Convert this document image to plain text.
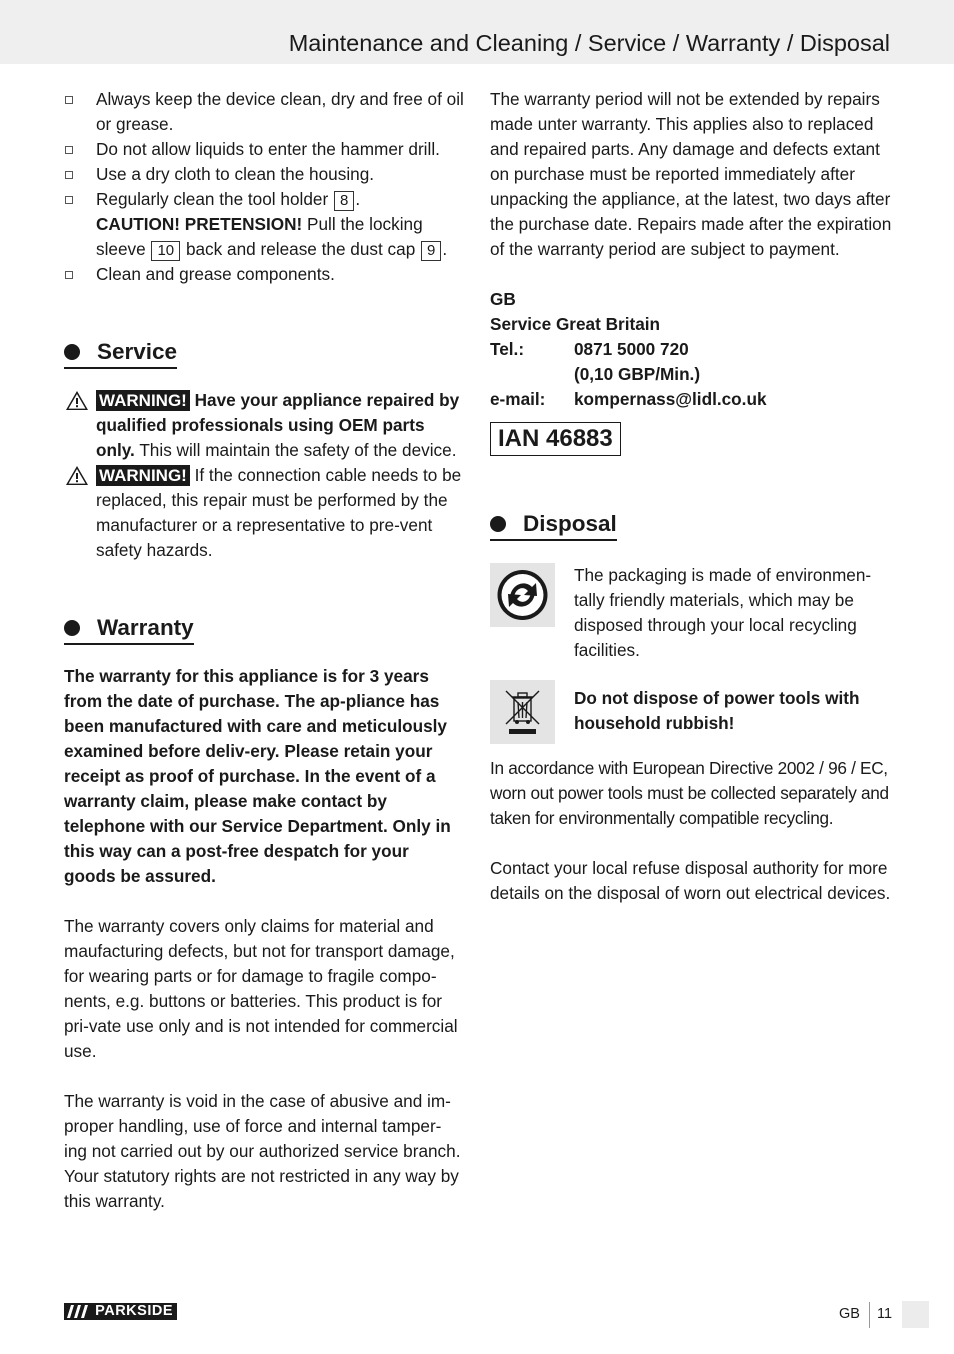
Maintenance and Cleaning / Service / Warranty / Disposal

Always keep the device clean, dry and free of oil or grease.

Do not allow liquids to enter the hammer drill.

Use a dry cloth to clean the housing.

Regularly clean the tool holder 8 .
CAUTION! PRETENSION! Pull the locking sleeve 10 back and release the dust cap 9 .

Clean and grease components.

Service

WARNING! Have your appliance repaired by qualified professionals using OEM parts only. This will maintain the safety of the device.

WARNING! If the connection cable needs to be replaced, this repair must be performed by the manufacturer or a representative to pre-vent safety hazards.

Warranty

The warranty for this appliance is for 3 years from the date of purchase. The ap-pliance has been manufactured with care and meticulously examined before deliv-ery. Please retain your receipt as proof of purchase. In the event of a warranty claim, please make contact by telephone with our Service Department. Only in this way can a post-free despatch for your goods be assured.

The warranty covers only claims for material and maufacturing defects, but not for transport damage, for wearing parts or for damage to fragile compo-nents, e.g. buttons or batteries. This product is for pri-vate use only and is not intended for commercial use.

The warranty is void in the case of abusive and im-proper handling, use of force and internal tamper-ing not carried out by our authorized service branch. Your statutory rights are not restricted in any way by this warranty.

The warranty period will not be extended by repairs made unter warranty. This applies also to replaced and repaired parts. Any damage and defects extant on purchase must be reported immediately after unpacking the appliance, at the latest, two days after the purchase date. Repairs made after the expiration of the warranty period are subject to payment.

GB

Service Great Britain

Tel.:	0871 5000 720
(0,10 GBP/Min.)
e-mail:	kompernass@lidl.co.uk
IAN 46883
Disposal

The packaging is made of environmen-tally friendly materials, which may be disposed through your local recycling facilities.

Do not dispose of power tools with household rubbish!

In accordance with European Directive 2002 / 96 / EC, worn out power tools must be collected separately and taken for environmentally compatible recycling.

Contact your local refuse disposal authority for more details on the disposal of worn out electrical devices.

PARKSIDE	GB 11
